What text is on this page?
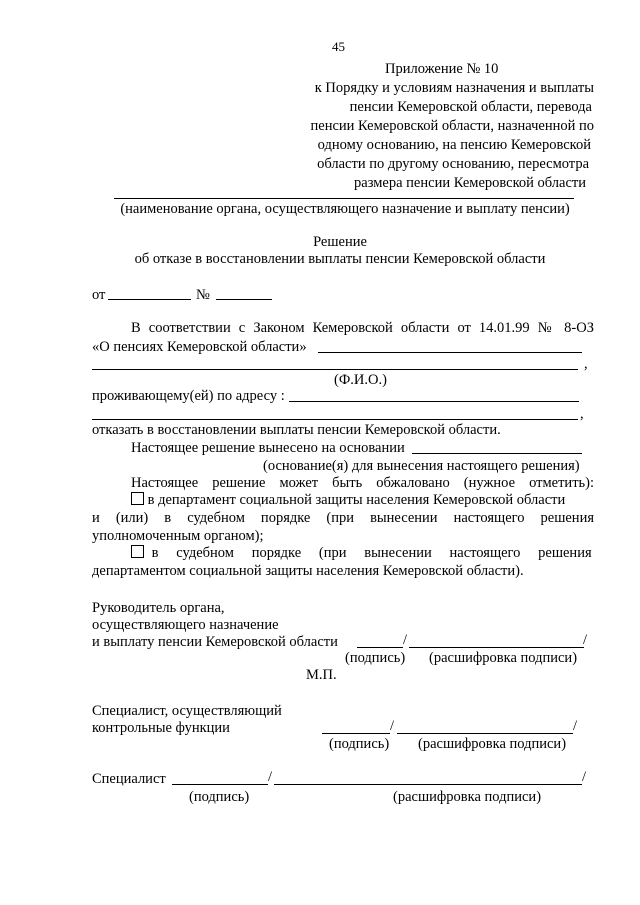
45
Приложение № 10
к Порядку и условиям назначения и выплаты
пенсии Кемеровской области, перевода
пенсии Кемеровской области, назначенной по
одному основанию, на пенсию Кемеровской
области по другому основанию, пересмотра
размера пенсии Кемеровской области
(наименование органа, осуществляющего назначение и выплату пенсии)
Решение
об отказе в восстановлении выплаты пенсии Кемеровской области
от	№
В соответствии с Законом Кемеровской области от 14.01.99 № 8-ОЗ
«О пенсиях Кемеровской области»
,
(Ф.И.О.)
проживающему(ей) по адресу :
,
отказать в восстановлении выплаты пенсии Кемеровской области.
Настоящее решение вынесено на основании
(основание(я) для вынесения настоящего решения)
Настоящее решение может быть обжаловано (нужное отметить):
в департамент социальной защиты населения Кемеровской области
и (или) в судебном порядке (при вынесении настоящего решения
уполномоченным органом);
в судебном порядке (при вынесении настоящего решения
департаментом социальной защиты населения Кемеровской области).
Руководитель органа,
осуществляющего назначение
и выплату пенсии Кемеровской области	/	/
(подпись) (расшифровка подписи)
М.П.
Специалист, осуществляющий
контрольные функции	/	/
(подпись) (расшифровка подписи)
Специалист	/	/
(подпись)	(расшифровка подписи)
